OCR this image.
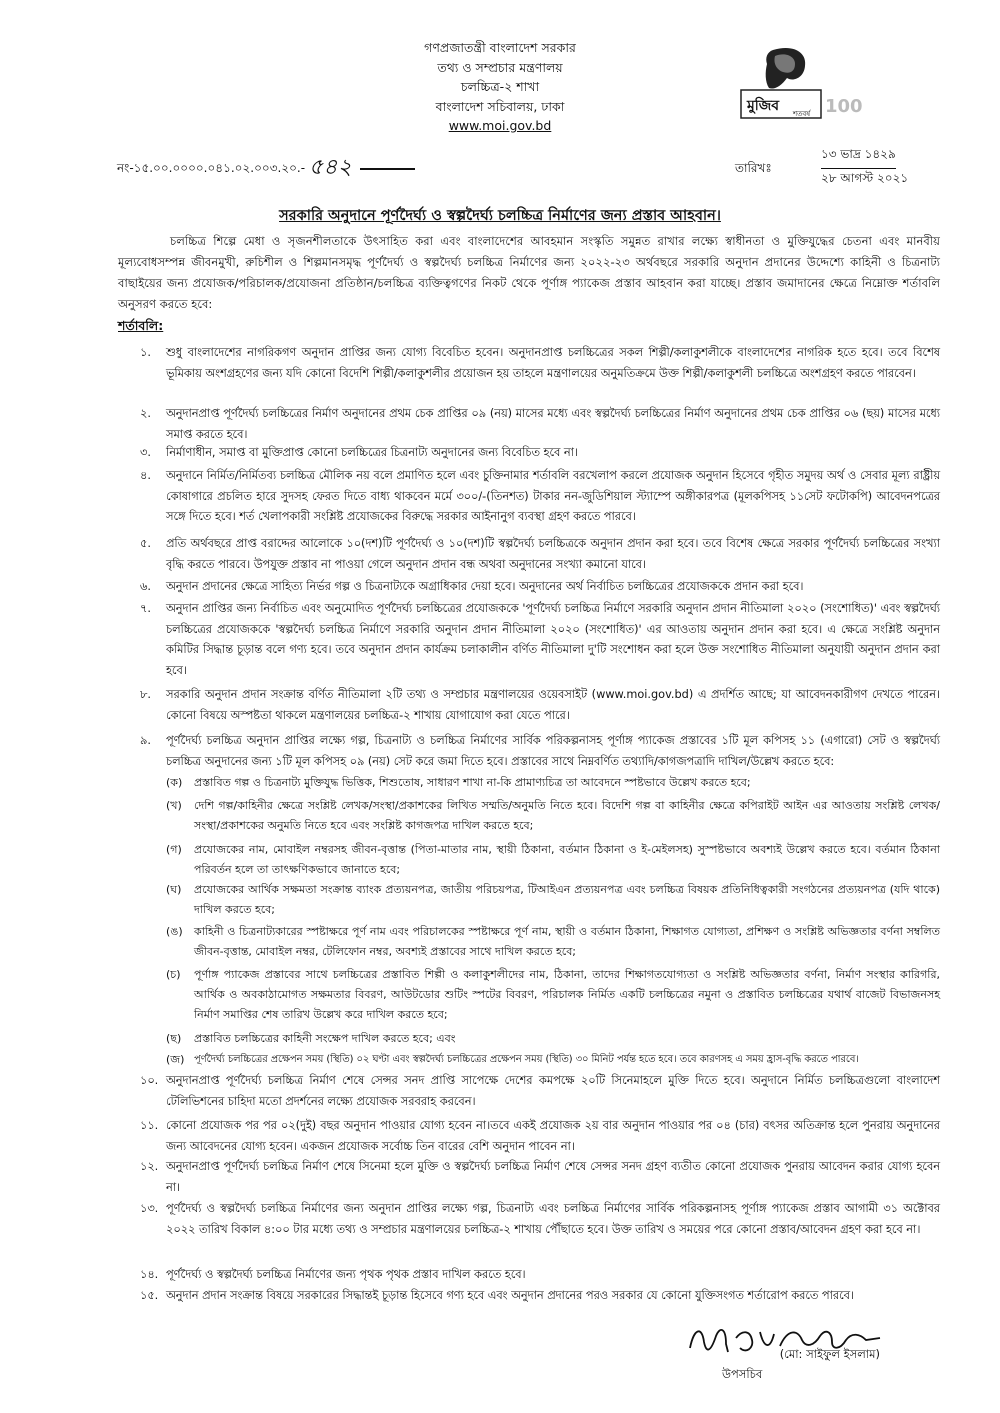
গণপ্রজাতন্ত্রী বাংলাদেশ সরকার
তথ্য ও সম্প্রচার মন্ত্রণালয়
চলচ্চিত্র-২ শাখা
বাংলাদেশ সচিবালয়, ঢাকা
www.moi.gov.bd
মুজিব	100
শতবর্ষ
নং-১৫.০০.০০০০.০৪১.০২.০০৩.২০.- ৫৪২	তারিখঃ
১৩ ভাদ্র ১৪২৯
২৮ আগস্ট ২০২১
সরকারি অনুদানে পূর্ণদৈর্ঘ্য ও স্বল্পদৈর্ঘ্য চলচ্চিত্র নির্মাণের জন্য প্রস্তাব আহবান।
চলচ্চিত্র শিল্পে মেধা ও সৃজনশীলতাকে উৎসাহিত করা এবং বাংলাদেশের আবহমান সংস্কৃতি সমুন্নত রাখার লক্ষ্যে স্বাধীনতা ও মুক্তিযুদ্ধের চেতনা এবং মানবীয় মূল্যবোধসম্পন্ন জীবনমুখী, রুচিশীল ও শিল্পমানসমৃদ্ধ পূর্ণদৈর্ঘ্য ও স্বল্পদৈর্ঘ্য চলচ্চিত্র নির্মাণের জন্য ২০২২-২৩ অর্থবছরে সরকারি অনুদান প্রদানের উদ্দেশ্যে কাহিনী ও চিত্রনাট্য বাছাইয়ের জন্য প্রযোজক/পরিচালক/প্রযোজনা প্রতিষ্ঠান/চলচ্চিত্র ব্যক্তিত্বগণের নিকট থেকে পূর্ণাঙ্গ প্যাকেজ প্রস্তাব আহবান করা যাচ্ছে। প্রস্তাব জমাদানের ক্ষেত্রে নিম্নোক্ত শর্তাবলি অনুসরণ করতে হবে:
শর্তাবলি:
১. শুধু বাংলাদেশের নাগরিকগণ অনুদান প্রাপ্তির জন্য যোগ্য বিবেচিত হবেন। অনুদানপ্রাপ্ত চলচ্চিত্রের সকল শিল্পী/কলাকুশলীকে বাংলাদেশের নাগরিক হতে হবে। তবে বিশেষ ভূমিকায় অংশগ্রহণের জন্য যদি কোনো বিদেশি শিল্পী/কলাকুশলীর প্রয়োজন হয় তাহলে মন্ত্রণালয়ের অনুমতিক্রমে উক্ত শিল্পী/কলাকুশলী চলচ্চিত্রে অংশগ্রহণ করতে পারবেন।
২. অনুদানপ্রাপ্ত পূর্ণদৈর্ঘ্য চলচ্চিত্রের নির্মাণ অনুদানের প্রথম চেক প্রাপ্তির ০৯ (নয়) মাসের মধ্যে এবং স্বল্পদৈর্ঘ্য চলচ্চিত্রের নির্মাণ অনুদানের প্রথম চেক প্রাপ্তির ০৬ (ছয়) মাসের মধ্যে সমাপ্ত করতে হবে।
৩. নির্মাণাধীন, সমাপ্ত বা মুক্তিপ্রাপ্ত কোনো চলচ্চিত্রের চিত্রনাট্য অনুদানের জন্য বিবেচিত হবে না।
৪. অনুদানে নির্মিত/নির্মিতব্য চলচ্চিত্র মৌলিক নয় বলে প্রমাণিত হলে এবং চুক্তিনামার শর্তাবলি বরখেলাপ করলে প্রযোজক অনুদান হিসেবে গৃহীত সমুদয় অর্থ ও সেবার মূল্য রাষ্ট্রীয় কোষাগারে প্রচলিত হারে সুদসহ ফেরত দিতে বাধ্য থাকবেন মর্মে ৩০০/-(তিনশত) টাকার নন-জুডিশিয়াল স্ট্যাম্পে অঙ্গীকারপত্র (মূলকপিসহ ১১সেট ফটোকপি) আবেদনপত্রের সঙ্গে দিতে হবে। শর্ত খেলাপকারী সংশ্লিষ্ট প্রযোজকের বিরুদ্ধে সরকার আইনানুগ ব্যবস্থা গ্রহণ করতে পারবে।
৫. প্রতি অর্থবছরে প্রাপ্ত বরাদ্দের আলোকে ১০(দশ)টি পূর্ণদৈর্ঘ্য ও ১০(দশ)টি স্বল্পদৈর্ঘ্য চলচ্চিত্রকে অনুদান প্রদান করা হবে। তবে বিশেষ ক্ষেত্রে সরকার পূর্ণদৈর্ঘ্য চলচ্চিত্রের সংখ্যা বৃদ্ধি করতে পারবে। উপযুক্ত প্রস্তাব না পাওয়া গেলে অনুদান প্রদান বন্ধ অথবা অনুদানের সংখ্যা কমানো যাবে।
৬. অনুদান প্রদানের ক্ষেত্রে সাহিত্য নির্ভর গল্প ও চিত্রনাট্যকে অগ্রাধিকার দেয়া হবে। অনুদানের অর্থ নির্বাচিত চলচ্চিত্রের প্রযোজককে প্রদান করা হবে।
৭. অনুদান প্রাপ্তির জন্য নির্বাচিত এবং অনুমোদিত পূর্ণদৈর্ঘ্য চলচ্চিত্রের প্রযোজককে 'পূর্ণদৈর্ঘ্য চলচ্চিত্র নির্মাণে সরকারি অনুদান প্রদান নীতিমালা ২০২০ (সংশোধিত)' এবং স্বল্পদৈর্ঘ্য চলচ্চিত্রের প্রযোজককে 'স্বল্পদৈর্ঘ্য চলচ্চিত্র নির্মাণে সরকারি অনুদান প্রদান নীতিমালা ২০২০ (সংশোধিত)' এর আওতায় অনুদান প্রদান করা হবে। এ ক্ষেত্রে সংশ্লিষ্ট অনুদান কমিটির সিদ্ধান্ত চূড়ান্ত বলে গণ্য হবে। তবে অনুদান প্রদান কার্যক্রম চলাকালীন বর্ণিত নীতিমালা দু'টি সংশোধন করা হলে উক্ত সংশোধিত নীতিমালা অনুযায়ী অনুদান প্রদান করা হবে।
৮. সরকারি অনুদান প্রদান সংক্রান্ত বর্ণিত নীতিমালা ২টি তথ্য ও সম্প্রচার মন্ত্রণালয়ের ওয়েবসাইট (www.moi.gov.bd) এ প্রদর্শিত আছে; যা আবেদনকারীগণ দেখতে পারেন। কোনো বিষয়ে অস্পষ্টতা থাকলে মন্ত্রণালয়ের চলচ্চিত্র-২ শাখায় যোগাযোগ করা যেতে পারে।
৯. পূর্ণদৈর্ঘ্য চলচ্চিত্র অনুদান প্রাপ্তির লক্ষ্যে গল্প, চিত্রনাট্য ও চলচ্চিত্র নির্মাণের সার্বিক পরিকল্পনাসহ পূর্ণাঙ্গ প্যাকেজ প্রস্তাবের ১টি মূল কপিসহ ১১ (এগারো) সেট ও স্বল্পদৈর্ঘ্য চলচ্চিত্র অনুদানের জন্য ১টি মূল কপিসহ ০৯ (নয়) সেট করে জমা দিতে হবে। প্রস্তাবের সাথে নিম্নবর্ণিত তথ্যাদি/কাগজপত্রাদি দাখিল/উল্লেখ করতে হবে:
(ক) প্রস্তাবিত গল্প ও চিত্রনাট্য মুক্তিযুদ্ধ ভিত্তিক, শিশুতোষ, সাধারণ শাখা না-কি প্রামাণ্যচিত্র তা আবেদনে স্পষ্টভাবে উল্লেখ করতে হবে;
(খ) দেশি গল্প/কাহিনীর ক্ষেত্রে সংশ্লিষ্ট লেখক/সংস্থা/প্রকাশকের লিখিত সম্মতি/অনুমতি নিতে হবে। বিদেশি গল্প বা কাহিনীর ক্ষেত্রে কপিরাইট আইন এর আওতায় সংশ্লিষ্ট লেখক/সংস্থা/প্রকাশকের অনুমতি নিতে হবে এবং সংশ্লিষ্ট কাগজপত্র দাখিল করতে হবে;
(গ) প্রযোজকের নাম, মোবাইল নম্বরসহ জীবন-বৃত্তান্ত (পিতা-মাতার নাম, স্থায়ী ঠিকানা, বর্তমান ঠিকানা ও ই-মেইলসহ) সুস্পষ্টভাবে অবশ্যই উল্লেখ করতে হবে। বর্তমান ঠিকানা পরিবর্তন হলে তা তাৎক্ষণিকভাবে জানাতে হবে;
(ঘ) প্রযোজকের আর্থিক সক্ষমতা সংক্রান্ত ব্যাংক প্রত্যয়নপত্র, জাতীয় পরিচয়পত্র, টিআইএন প্রত্যয়নপত্র এবং চলচ্চিত্র বিষয়ক প্রতিনিধিত্বকারী সংগঠনের প্রত্যয়নপত্র (যদি থাকে) দাখিল করতে হবে;
(ঙ) কাহিনী ও চিত্রনাট্যকারের স্পষ্টাক্ষরে পূর্ণ নাম এবং পরিচালকের স্পষ্টাক্ষরে পূর্ণ নাম, স্থায়ী ও বর্তমান ঠিকানা, শিক্ষাগত যোগ্যতা, প্রশিক্ষণ ও সংশ্লিষ্ট অভিজ্ঞতার বর্ণনা সম্বলিত জীবন-বৃত্তান্ত, মোবাইল নম্বর, টেলিফোন নম্বর, অবশ্যই প্রস্তাবের সাথে দাখিল করতে হবে;
(চ) পূর্ণাঙ্গ প্যাকেজ প্রস্তাবের সাথে চলচ্চিত্রের প্রস্তাবিত শিল্পী ও কলাকুশলীদের নাম, ঠিকানা, তাদের শিক্ষাগতযোগ্যতা ও সংশ্লিষ্ট অভিজ্ঞতার বর্ণনা, নির্মাণ সংস্থার কারিগরি, আর্থিক ও অবকাঠামোগত সক্ষমতার বিবরণ, আউটডোর শুটিং স্পটের বিবরণ, পরিচালক নির্মিত একটি চলচ্চিত্রের নমুনা ও প্রস্তাবিত চলচ্চিত্রের যথার্থ বাজেট বিভাজনসহ নির্মাণ সমাপ্তির শেষ তারিখ উল্লেখ করে দাখিল করতে হবে;
(ছ) প্রস্তাবিত চলচ্চিত্রের কাহিনী সংক্ষেপ দাখিল করতে হবে; এবং
(জ) পূর্ণদৈর্ঘ্য চলচ্চিত্রের প্রক্ষেপন সময় (স্থিতি) ০২ ঘণ্টা এবং স্বল্পদৈর্ঘ্য চলচ্চিত্রের প্রক্ষেপন সময় (স্থিতি) ৩০ মিনিট পর্যন্ত হতে হবে। তবে কারণসহ এ সময় হ্রাস-বৃদ্ধি করতে পারবে।
১০. অনুদানপ্রাপ্ত পূর্ণদৈর্ঘ্য চলচ্চিত্র নির্মাণ শেষে সেন্সর সনদ প্রাপ্তি সাপেক্ষে দেশের কমপক্ষে ২০টি সিনেমাহলে মুক্তি দিতে হবে। অনুদানে নির্মিত চলচ্চিত্রগুলো বাংলাদেশ টেলিভিশনের চাহিদা মতো প্রদর্শনের লক্ষ্যে প্রযোজক সরবরাহ করবেন।
১১. কোনো প্রযোজক পর পর ০২(দুই) বছর অনুদান পাওয়ার যোগ্য হবেন না।তবে একই প্রযোজক ২য় বার অনুদান পাওয়ার পর ০৪ (চার) বৎসর অতিক্রান্ত হলে পুনরায় অনুদানের জন্য আবেদনের যোগ্য হবেন। একজন প্রযোজক সর্বোচ্চ তিন বারের বেশি অনুদান পাবেন না।
১২. অনুদানপ্রাপ্ত পূর্ণদৈর্ঘ্য চলচ্চিত্র নির্মাণ শেষে সিনেমা হলে মুক্তি ও স্বল্পদৈর্ঘ্য চলচ্চিত্র নির্মাণ শেষে সেন্সর সনদ গ্রহণ ব্যতীত কোনো প্রযোজক পুনরায় আবেদন করার যোগ্য হবেন না।
১৩. পূর্ণদৈর্ঘ্য ও স্বল্পদৈর্ঘ্য চলচ্চিত্র নির্মাণের জন্য অনুদান প্রাপ্তির লক্ষ্যে গল্প, চিত্রনাট্য এবং চলচ্চিত্র নির্মাণের সার্বিক পরিকল্পনাসহ পূর্ণাঙ্গ প্যাকেজ প্রস্তাব আগামী ৩১ অক্টোবর ২০২২ তারিখ বিকাল ৪:০০ টার মধ্যে তথ্য ও সম্প্রচার মন্ত্রণালয়ের চলচ্চিত্র-২ শাখায় পৌঁছাতে হবে। উক্ত তারিখ ও সময়ের পরে কোনো প্রস্তাব/আবেদন গ্রহণ করা হবে না।
১৪. পূর্ণদৈর্ঘ্য ও স্বল্পদৈর্ঘ্য চলচ্চিত্র নির্মাণের জন্য পৃথক পৃথক প্রস্তাব দাখিল করতে হবে।
১৫. অনুদান প্রদান সংক্রান্ত বিষয়ে সরকারের সিদ্ধান্তই চূড়ান্ত হিসেবে গণ্য হবে এবং অনুদান প্রদানের পরও সরকার যে কোনো যুক্তিসংগত শর্তারোপ করতে পারবে।
(মো: সাইফুল ইসলাম)
উপসচিব
